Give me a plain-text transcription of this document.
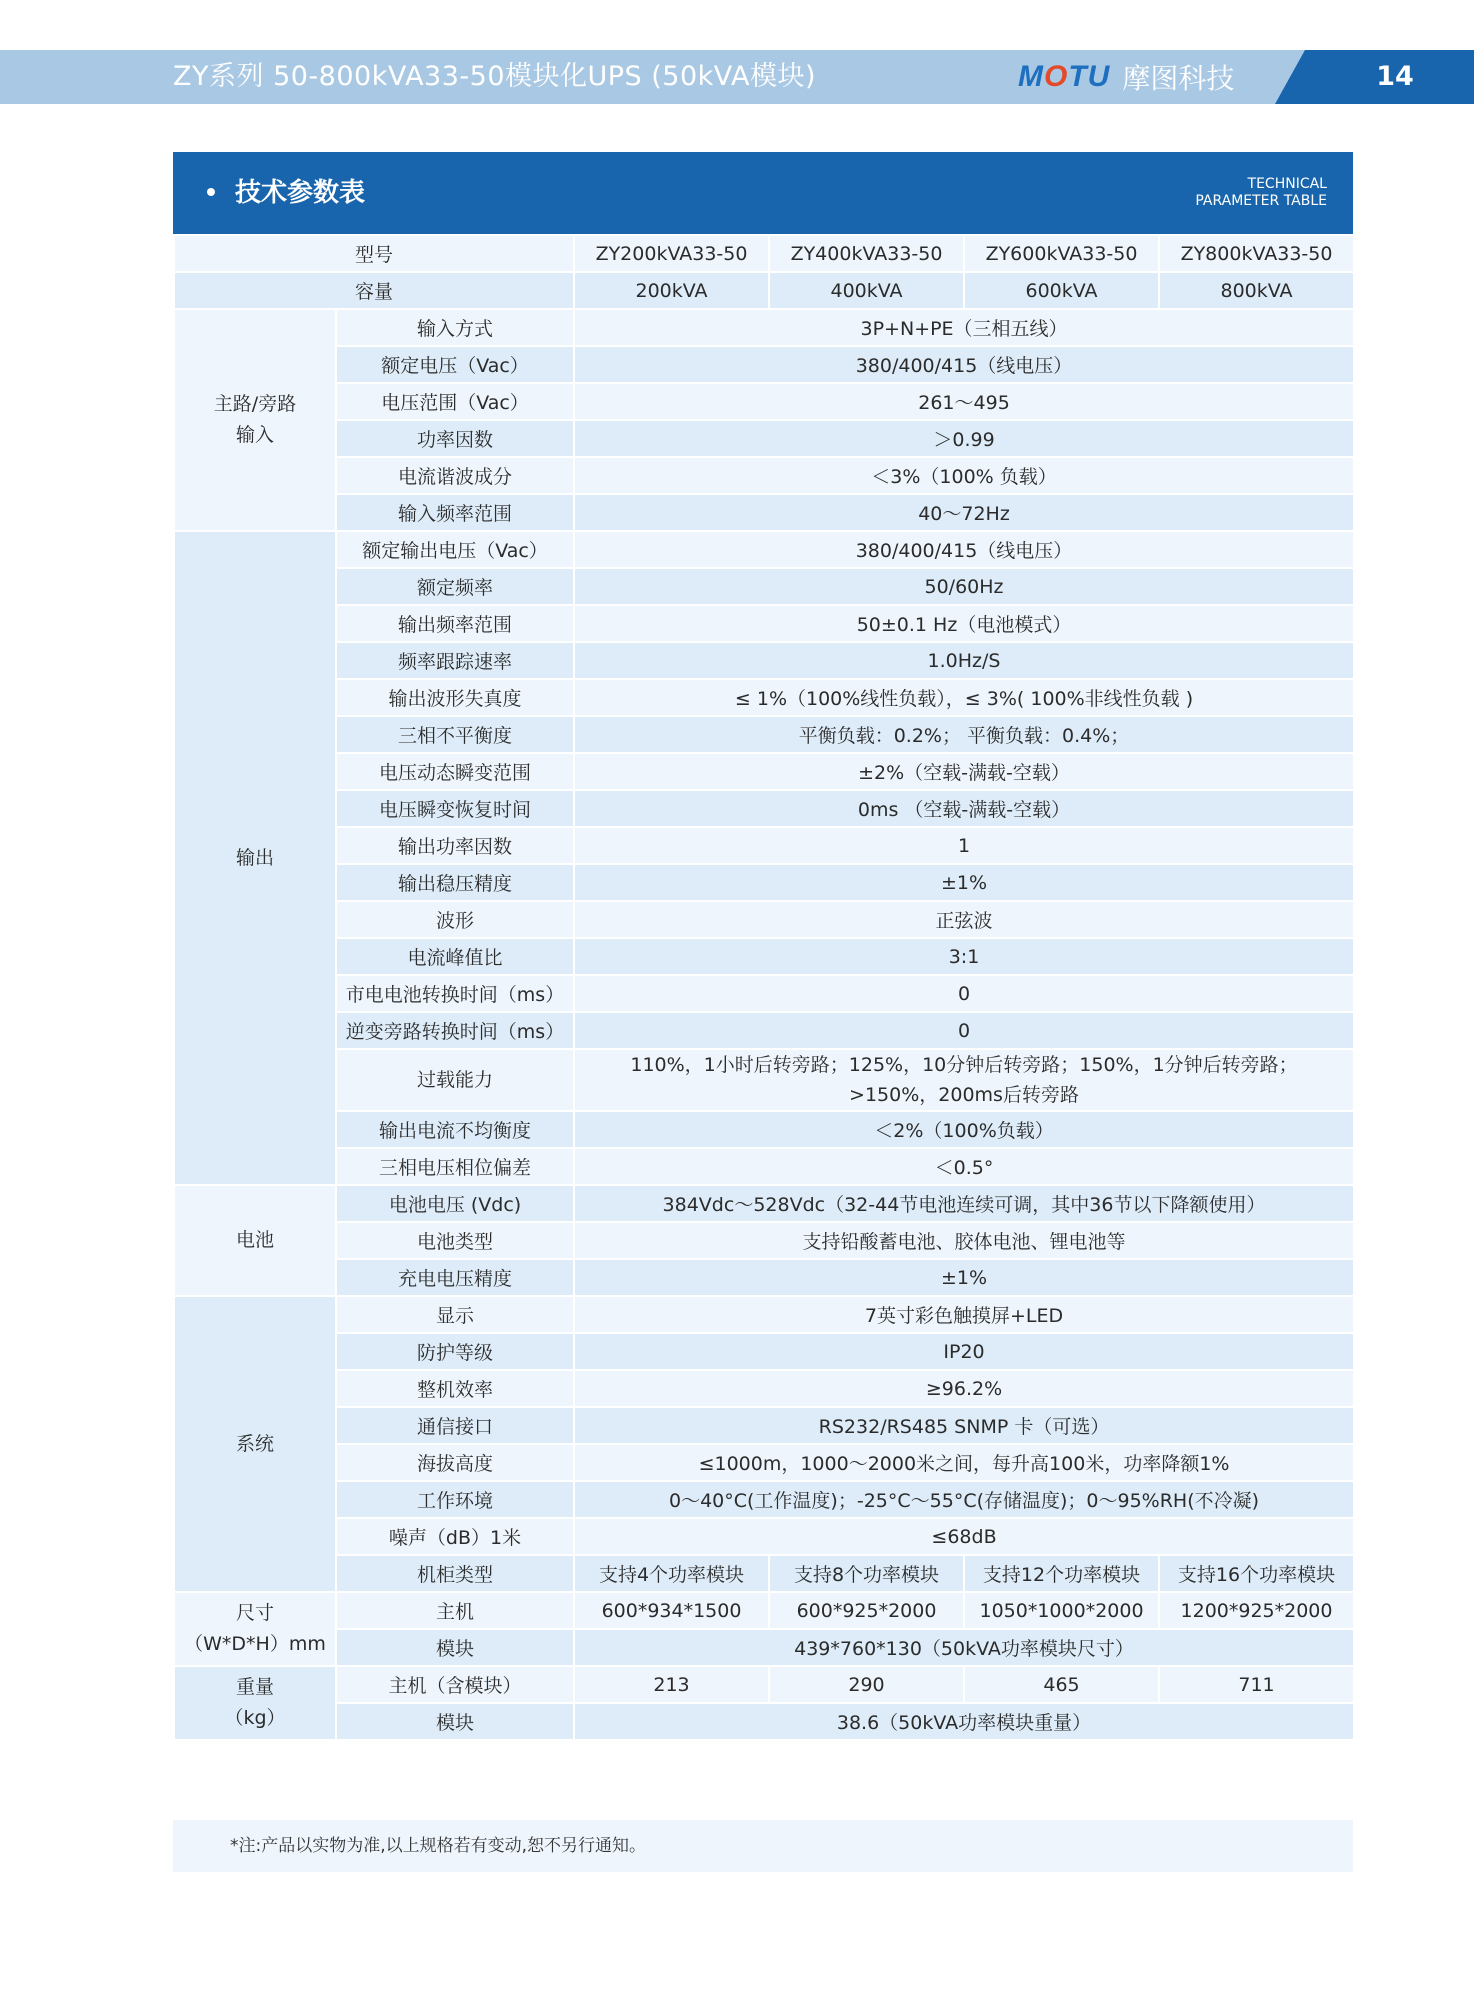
ZY系列 50-800kVA33-50模块化UPS (50kVA模块)	MOTU 摩图科技	14
技术参数表	TECHNICAL
PARAMETER TABLE
型号		ZY200kVA33-50	ZY400kVA33-50	ZY600kVA33-50	ZY800kVA33-50
容量		200kVA	400kVA	600kVA	800kVA

主路/旁路
输入	输入方式	3P+N+PE（三相五线）			
	额定电压（Vac）	380/400/415（线电压）			
	电压范围（Vac）	261～495			
	功率因数	＞0.99			
	电流谐波成分	＜3%（100% 负载）			
	输入频率范围	40～72Hz			

输出	额定输出电压（Vac）	380/400/415（线电压）			
	额定频率	50/60Hz			
	输出频率范围	50±0.1 Hz（电池模式）			
	频率跟踪速率	1.0Hz/S			
	输出波形失真度	≤ 1%（100%线性负载），≤ 3%( 100%非线性负载 )			
	三相不平衡度	平衡负载：0.2%； 平衡负载：0.4%；			
	电压动态瞬变范围	±2%（空载-满载-空载）			
	电压瞬变恢复时间	0ms （空载-满载-空载）			
	输出功率因数	1			
	输出稳压精度	±1%			
	波形	正弦波			
	电流峰值比	3:1			
	市电电池转换时间（ms）	0			
	逆变旁路转换时间（ms）	0			
	过载能力	110%，1小时后转旁路；125%，10分钟后转旁路；150%，1分钟后转旁路；
>150%，200ms后转旁路			

	输出电流不均衡度	＜2%（100%负载）			
	三相电压相位偏差	＜0.5°			

电池	电池电压 (Vdc)	384Vdc～528Vdc（32-44节电池连续可调，其中36节以下降额使用）			
	电池类型	支持铅酸蓄电池、胶体电池、锂电池等			
	充电电压精度	±1%			

系统	显示	7英寸彩色触摸屏+LED			
	防护等级	IP20			
	整机效率	≥96.2%			
	通信接口	RS232/RS485 SNMP 卡（可选）			
	海拔高度	≤1000m，1000～2000米之间，每升高100米，功率降额1%			
	工作环境	0～40°C(工作温度)；-25°C～55°C(存储温度)；0～95%RH(不冷凝)			
	噪声（dB）1米	≤68dB			
	机柜类型	支持4个功率模块	支持8个功率模块	支持12个功率模块	支持16个功率模块

尺寸
（W*D*H）mm	主机	600*934*1500	600*925*2000	1050*1000*2000	1200*925*2000
	模块	439*760*130（50kVA功率模块尺寸）			

重量
（kg）	主机（含模块）	213	290	465	711
	模块	38.6（50kVA功率模块重量）			
*注:产品以实物为准,以上规格若有变动,恕不另行通知。
